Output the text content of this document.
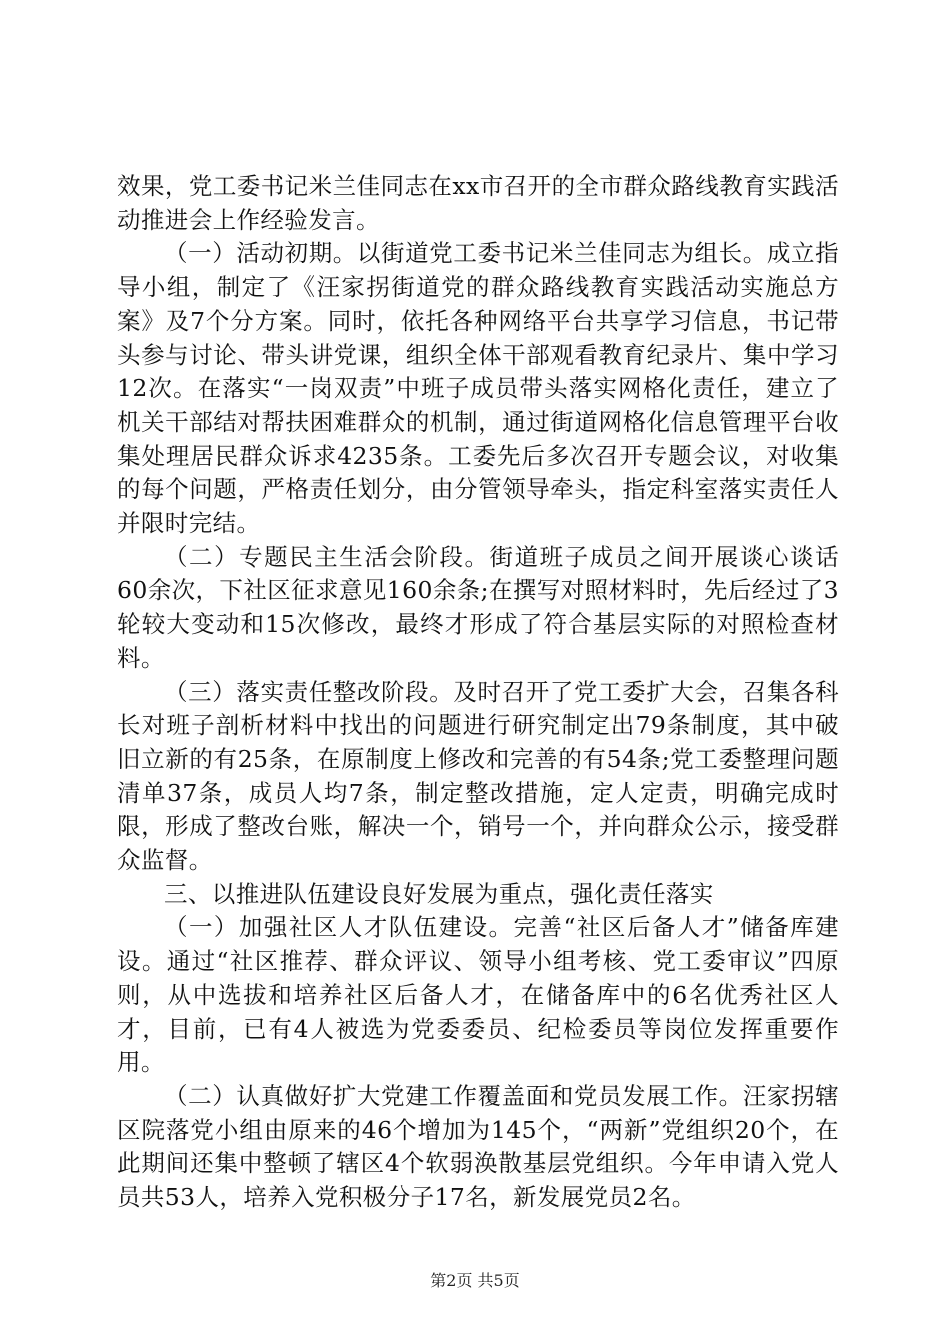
效果，党工委书记米兰佳同志在xx市召开的全市群众路线教育实践活动推进会上作经验发言。

（一）活动初期。以街道党工委书记米兰佳同志为组长。成立指导小组，制定了《汪家拐街道党的群众路线教育实践活动实施总方案》及7个分方案。同时，依托各种网络平台共享学习信息，书记带头参与讨论、带头讲党课，组织全体干部观看教育纪录片、集中学习12次。在落实“一岗双责”中班子成员带头落实网格化责任，建立了机关干部结对帮扶困难群众的机制，通过街道网格化信息管理平台收集处理居民群众诉求4235条。工委先后多次召开专题会议，对收集的每个问题，严格责任划分，由分管领导牵头，指定科室落实责任人并限时完结。

（二）专题民主生活会阶段。街道班子成员之间开展谈心谈话60余次，下社区征求意见160余条;在撰写对照材料时，先后经过了3轮较大变动和15次修改，最终才形成了符合基层实际的对照检查材料。

（三）落实责任整改阶段。及时召开了党工委扩大会，召集各科长对班子剖析材料中找出的问题进行研究制定出79条制度，其中破旧立新的有25条，在原制度上修改和完善的有54条;党工委整理问题清单37条，成员人均7条，制定整改措施，定人定责，明确完成时限，形成了整改台账，解决一个，销号一个，并向群众公示，接受群众监督。

三、以推进队伍建设良好发展为重点，强化责任落实

（一）加强社区人才队伍建设。完善“社区后备人才”储备库建设。通过“社区推荐、群众评议、领导小组考核、党工委审议”四原则，从中选拔和培养社区后备人才，在储备库中的6名优秀社区人才，目前，已有4人被选为党委委员、纪检委员等岗位发挥重要作用。

（二）认真做好扩大党建工作覆盖面和党员发展工作。汪家拐辖区院落党小组由原来的46个增加为145个，“两新”党组织20个，在此期间还集中整顿了辖区4个软弱涣散基层党组织。今年申请入党人员共53人，培养入党积极分子17名，新发展党员2名。

第2页 共5页
